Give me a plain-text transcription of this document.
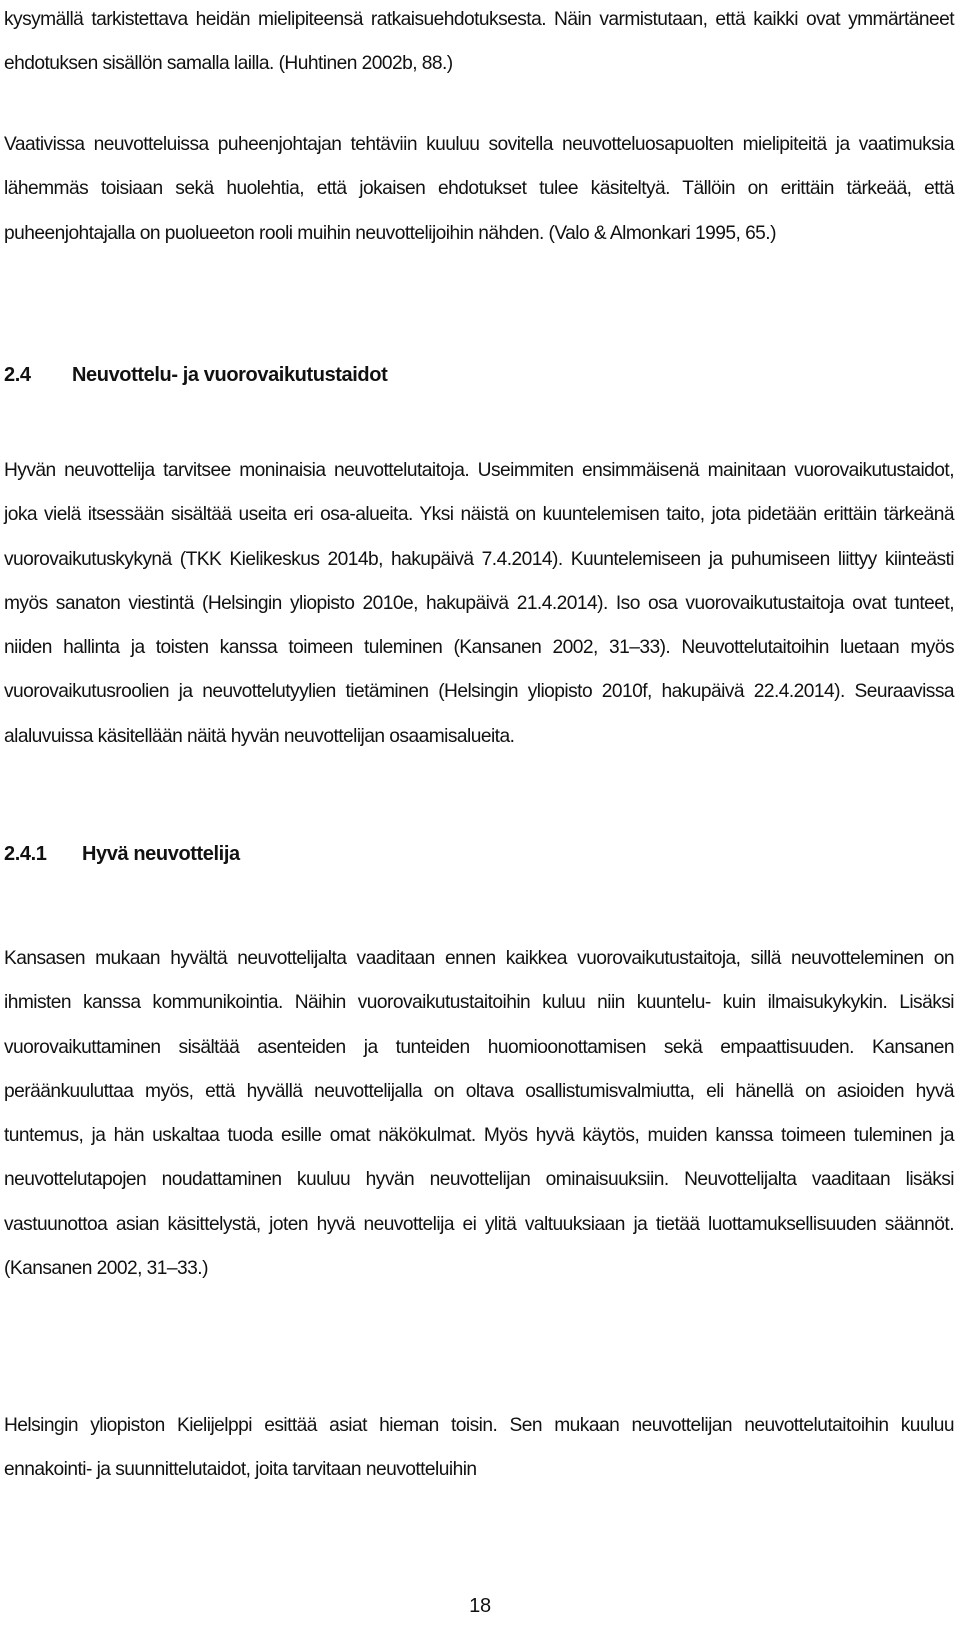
kysymällä tarkistettava heidän mielipiteensä ratkaisuehdotuksesta. Näin varmistutaan, että kaikki ovat ymmärtäneet ehdotuksen sisällön samalla lailla. (Huhtinen 2002b, 88.)

Vaativissa neuvotteluissa puheenjohtajan tehtäviin kuuluu sovitella neuvotteluosapuolten mielipiteitä ja vaatimuksia lähemmäs toisiaan sekä huolehtia, että jokaisen ehdotukset tulee käsiteltyä. Tällöin on erittäin tärkeää, että puheenjohtajalla on puolueeton rooli muihin neuvottelijoihin nähden. (Valo & Almonkari 1995, 65.)

2.4 Neuvottelu- ja vuorovaikutustaidot

Hyvän neuvottelija tarvitsee moninaisia neuvottelutaitoja. Useimmiten ensimmäisenä mainitaan vuorovaikutustaidot, joka vielä itsessään sisältää useita eri osa-alueita. Yksi näistä on kuuntelemisen taito, jota pidetään erittäin tärkeänä vuorovaikutuskykynä (TKK Kielikeskus 2014b, hakupäivä 7.4.2014). Kuuntelemiseen ja puhumiseen liittyy kiinteästi myös sanaton viestintä (Helsingin yliopisto 2010e, hakupäivä 21.4.2014). Iso osa vuorovaikutustaitoja ovat tunteet, niiden hallinta ja toisten kanssa toimeen tuleminen (Kansanen 2002, 31–33). Neuvottelutaitoihin luetaan myös vuorovaikutusroolien ja neuvottelutyylien tietäminen (Helsingin yliopisto 2010f, hakupäivä 22.4.2014). Seuraavissa alaluvuissa käsitellään näitä hyvän neuvottelijan osaamisalueita.

2.4.1 Hyvä neuvottelija

Kansasen mukaan hyvältä neuvottelijalta vaaditaan ennen kaikkea vuorovaikutustaitoja, sillä neuvotteleminen on ihmisten kanssa kommunikointia. Näihin vuorovaikutustaitoihin kuluu niin kuuntelu- kuin ilmaisukykykin. Lisäksi vuorovaikuttaminen sisältää asenteiden ja tunteiden huomioonottamisen sekä empaattisuuden. Kansanen peräänkuuluttaa myös, että hyvällä neuvottelijalla on oltava osallistumisvalmiutta, eli hänellä on asioiden hyvä tuntemus, ja hän uskaltaa tuoda esille omat näkökulmat. Myös hyvä käytös, muiden kanssa toimeen tuleminen ja neuvottelutapojen noudattaminen kuuluu hyvän neuvottelijan ominaisuuksiin. Neuvottelijalta vaaditaan lisäksi vastuunottoa asian käsittelystä, joten hyvä neuvottelija ei ylitä valtuuksiaan ja tietää luottamuksellisuuden säännöt. (Kansanen 2002, 31–33.)

Helsingin yliopiston Kielijelppi esittää asiat hieman toisin. Sen mukaan neuvottelijan neuvottelutaitoihin kuuluu ennakointi- ja suunnittelutaidot, joita tarvitaan neuvotteluihin

18
